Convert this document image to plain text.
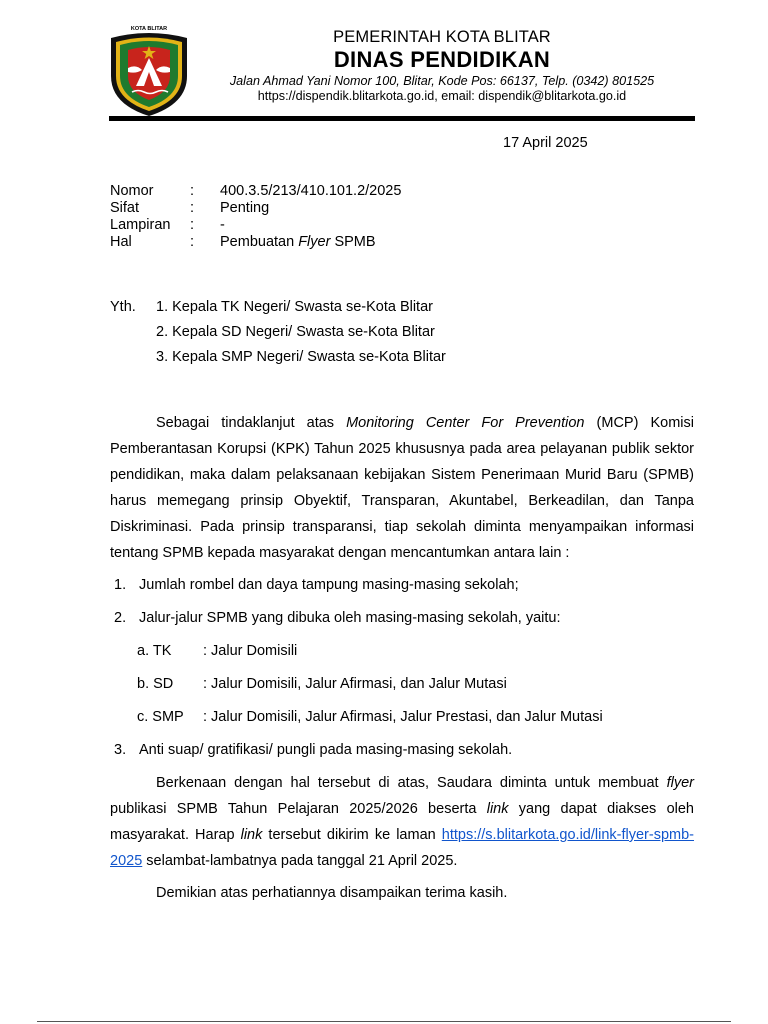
KOTA BLITAR	PEMERINTAH KOTA BLITAR
DINAS PENDIDIKAN
Jalan Ahmad Yani Nomor 100, Blitar, Kode Pos: 66137, Telp. (0342) 801525
https://dispendik.blitarkota.go.id, email: dispendik@blitarkota.go.id
17 April 2025
Nomor	: 400.3.5/213/410.101.2/2025
Sifat	: Penting
Lampiran : -
Hal	: Pembuatan Flyer SPMB
Yth. 1. Kepala TK Negeri/ Swasta se-Kota Blitar
2. Kepala SD Negeri/ Swasta se-Kota Blitar
3. Kepala SMP Negeri/ Swasta se-Kota Blitar

Sebagai tindaklanjut atas Monitoring Center For Prevention (MCP) Komisi Pemberantasan Korupsi (KPK) Tahun 2025 khususnya pada area pelayanan publik sektor pendidikan, maka dalam pelaksanaan kebijakan Sistem Penerimaan Murid Baru (SPMB) harus memegang prinsip Obyektif, Transparan, Akuntabel, Berkeadilan, dan Tanpa Diskriminasi. Pada prinsip transparansi, tiap sekolah diminta menyampaikan informasi tentang SPMB kepada masyarakat dengan mencantumkan antara lain :

1. Jumlah rombel dan daya tampung masing-masing sekolah;
2. Jalur-jalur SPMB yang dibuka oleh masing-masing sekolah, yaitu:
a. TK : Jalur Domisili
b. SD : Jalur Domisili, Jalur Afirmasi, dan Jalur Mutasi
c. SMP : Jalur Domisili, Jalur Afirmasi, Jalur Prestasi, dan Jalur Mutasi
3. Anti suap/ gratifikasi/ pungli pada masing-masing sekolah.

Berkenaan dengan hal tersebut di atas, Saudara diminta untuk membuat flyer publikasi SPMB Tahun Pelajaran 2025/2026 beserta link yang dapat diakses oleh masyarakat. Harap link tersebut dikirim ke laman https://s.blitarkota.go.id/link-flyer-spmb-2025 selambat-lambatnya pada tanggal 21 April 2025.

Demikian atas perhatiannya disampaikan terima kasih.
